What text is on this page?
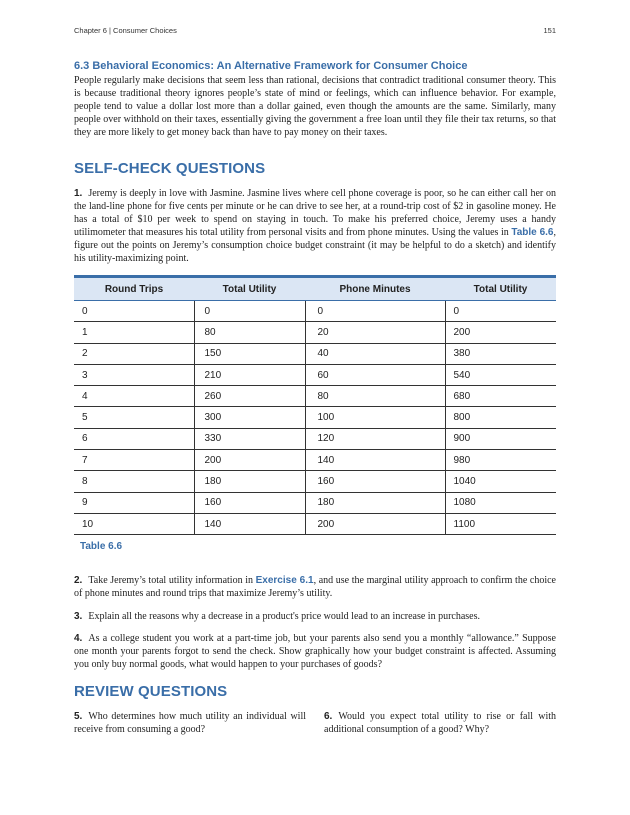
Chapter 6 | Consumer Choices	151
6.3 Behavioral Economics: An Alternative Framework for Consumer Choice

People regularly make decisions that seem less than rational, decisions that contradict traditional consumer theory. This is because traditional theory ignores people’s state of mind or feelings, which can influence behavior. For example, people tend to value a dollar lost more than a dollar gained, even though the amounts are the same. Similarly, many people over withhold on their taxes, essentially giving the government a free loan until they file their tax returns, so that they are more likely to get money back than have to pay money on their taxes.

SELF-CHECK QUESTIONS

1. Jeremy is deeply in love with Jasmine. Jasmine lives where cell phone coverage is poor, so he can either call her on the land-line phone for five cents per minute or he can drive to see her, at a round-trip cost of $2 in gasoline money. He has a total of $10 per week to spend on staying in touch. To make his preferred choice, Jeremy uses a handy utilimometer that measures his total utility from personal visits and from phone minutes. Using the values in Table 6.6, figure out the points on Jeremy’s consumption choice budget constraint (it may be helpful to do a sketch) and identify his utility-maximizing point.

Round Trips	Total Utility	Phone Minutes	Total Utility
0	0	0	0
1	80	20	200
2	150	40	380
3	210	60	540
4	260	80	680
5	300	100	800
6	330	120	900
7	200	140	980
8	180	160	1040
9	160	180	1080
10	140	200	1100
Table 6.6

2. Take Jeremy’s total utility information in Exercise 6.1, and use the marginal utility approach to confirm the choice of phone minutes and round trips that maximize Jeremy’s utility.

3. Explain all the reasons why a decrease in a product's price would lead to an increase in purchases.

4. As a college student you work at a part-time job, but your parents also send you a monthly “allowance.” Suppose one month your parents forgot to send the check. Show graphically how your budget constraint is affected. Assuming you only buy normal goods, what would happen to your purchases of goods?

REVIEW QUESTIONS

5. Who determines how much utility an individual will receive from consuming a good?

6. Would you expect total utility to rise or fall with additional consumption of a good? Why?
